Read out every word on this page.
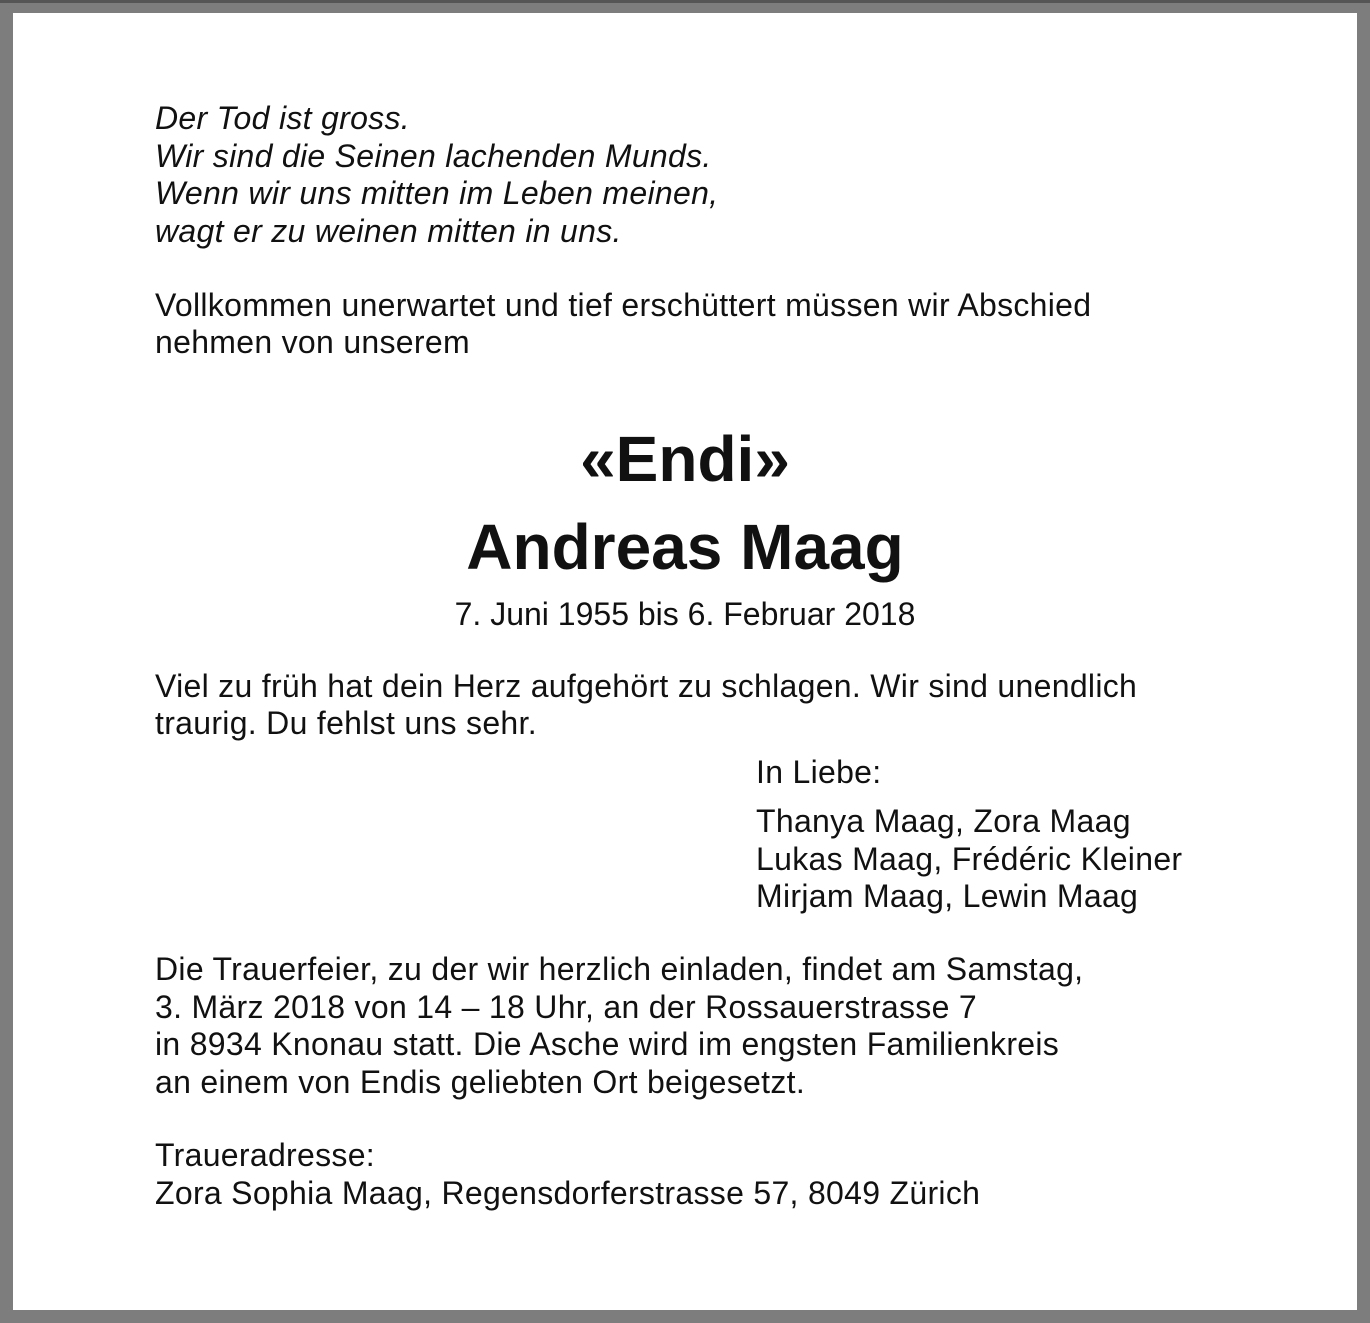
Der Tod ist gross.
Wir sind die Seinen lachenden Munds.
Wenn wir uns mitten im Leben meinen,
wagt er zu weinen mitten in uns.
Vollkommen unerwartet und tief erschüttert müssen wir Abschied
nehmen von unserem
«Endi»
Andreas Maag
7. Juni 1955 bis 6. Februar 2018
Viel zu früh hat dein Herz aufgehört zu schlagen. Wir sind unendlich
traurig. Du fehlst uns sehr.
In Liebe:
Thanya Maag, Zora Maag
Lukas Maag, Frédéric Kleiner
Mirjam Maag, Lewin Maag
Die Trauerfeier, zu der wir herzlich einladen, findet am Samstag,
3. März 2018 von 14 – 18 Uhr, an der Rossauerstrasse 7
in 8934 Knonau statt. Die Asche wird im engsten Familienkreis
an einem von Endis geliebten Ort beigesetzt.
Traueradresse:
Zora Sophia Maag, Regensdorferstrasse 57, 8049 Zürich
